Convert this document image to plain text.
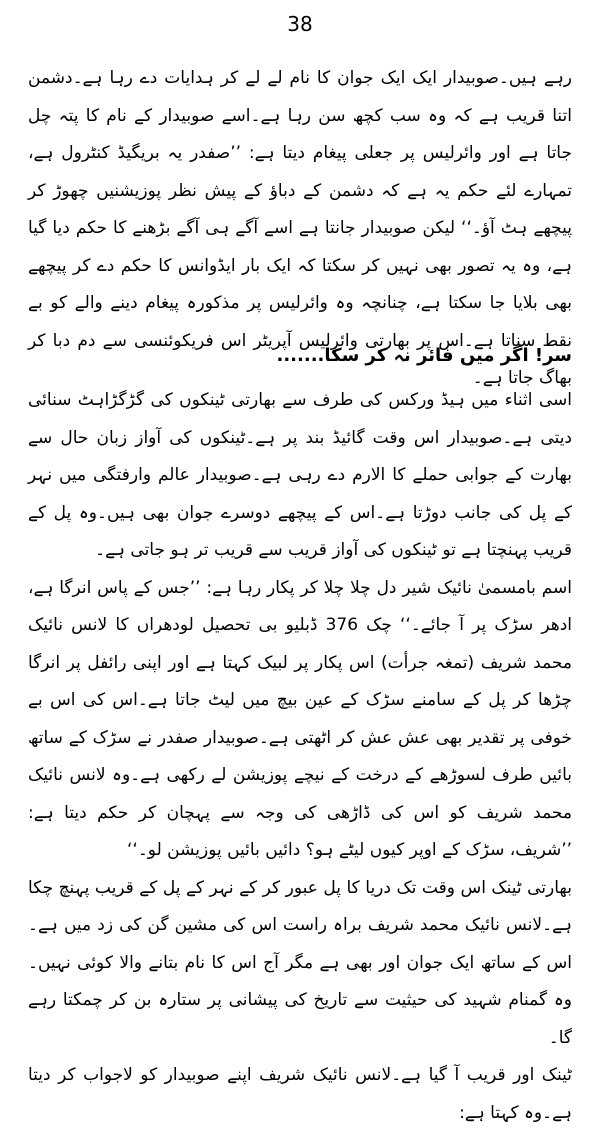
38

رہے ہیں۔صوبیدار ایک ایک جوان کا نام لے لے کر ہدایات دے رہا ہے۔دشمن اتنا قریب ہے کہ وہ سب کچھ سن رہا ہے۔اسے صوبیدار کے نام کا پتہ چل جاتا ہے اور وائرلیس پر جعلی پیغام دیتا ہے: ’’صفدر یہ بریگیڈ کنٹرول ہے، تمہارے لئے حکم یہ ہے کہ دشمن کے دباؤ کے پیش نظر پوزیشنیں چھوڑ کر پیچھے ہٹ آؤ۔‘‘ لیکن صوبیدار جانتا ہے اسے آگے ہی آگے بڑھنے کا حکم دیا گیا ہے، وہ یہ تصور بھی نہیں کر سکتا کہ ایک بار ایڈوانس کا حکم دے کر پیچھے بھی بلایا جا سکتا ہے، چنانچہ وہ وائرلیس پر مذکورہ پیغام دینے والے کو بے نقط سناتا ہے۔اس پر بھارتی وائرلیس آپریٹر اس فریکوئنسی سے دم دبا کر بھاگ جاتا ہے۔

سر! اگر میں فائر نہ کر سکا.......

اسی اثناء میں ہیڈ ورکس کی طرف سے بھارتی ٹینکوں کی گڑگڑاہٹ سنائی دیتی ہے۔صوبیدار اس وقت گائیڈ بند پر ہے۔ٹینکوں کی آواز زبان حال سے بھارت کے جوابی حملے کا الارم دے رہی ہے۔صوبیدار عالم وارفتگی میں نہر کے پل کی جانب دوڑتا ہے۔اس کے پیچھے دوسرے جوان بھی ہیں۔وہ پل کے قریب پہنچتا ہے تو ٹینکوں کی آواز قریب سے قریب تر ہو جاتی ہے۔

اسم بامسمیٰ نائیک شیر دل چلا چلا کر پکار رہا ہے: ’’جس کے پاس انرگا ہے، ادھر سڑک پر آ جائے۔‘‘ چک 376 ڈبلیو بی تحصیل لودھراں کا لانس نائیک محمد شریف (تمغہ جرأت) اس پکار پر لبیک کہتا ہے اور اپنی رائفل پر انرگا چڑھا کر پل کے سامنے سڑک کے عین بیچ میں لیٹ جاتا ہے۔اس کی اس بے خوفی پر تقدیر بھی عش عش کر اٹھتی ہے۔صوبیدار صفدر نے سڑک کے ساتھ بائیں طرف لسوڑھے کے درخت کے نیچے پوزیشن لے رکھی ہے۔وہ لانس نائیک محمد شریف کو اس کی ڈاڑھی کی وجہ سے پہچان کر حکم دیتا ہے: ’’شریف، سڑک کے اوپر کیوں لیٹے ہو؟ دائیں بائیں پوزیشن لو۔‘‘

بھارتی ٹینک اس وقت تک دریا کا پل عبور کر کے نہر کے پل کے قریب پہنچ چکا ہے۔لانس نائیک محمد شریف براہ راست اس کی مشین گن کی زد میں ہے۔اس کے ساتھ ایک جوان اور بھی ہے مگر آج اس کا نام بتانے والا کوئی نہیں۔وہ گمنام شہید کی حیثیت سے تاریخ کی پیشانی پر ستارہ بن کر چمکتا رہے گا۔

ٹینک اور قریب آ گیا ہے۔لانس نائیک شریف اپنے صوبیدار کو لاجواب کر دیتا ہے۔وہ کہتا ہے:
